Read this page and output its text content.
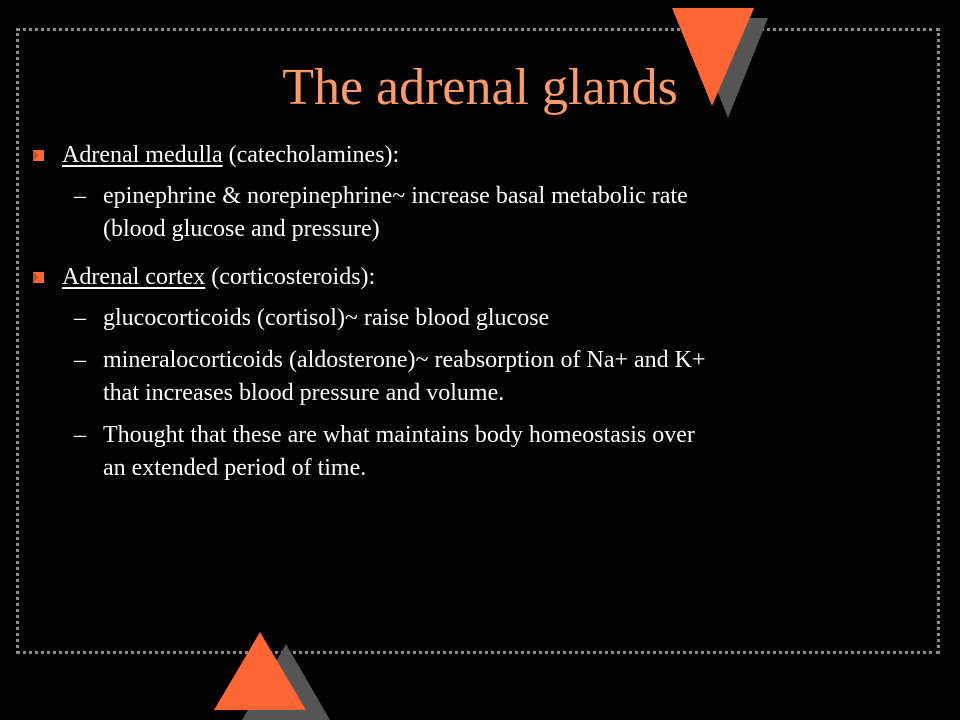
The adrenal glands
Adrenal medulla (catecholamines):
– epinephrine & norepinephrine~ increase basal metabolic rate
(blood glucose and pressure)
Adrenal cortex (corticosteroids):
– glucocorticoids (cortisol)~ raise blood glucose
– mineralocorticoids (aldosterone)~ reabsorption of Na+ and K+
that increases blood pressure and volume.
– Thought that these are what maintains body homeostasis over
an extended period of time.
